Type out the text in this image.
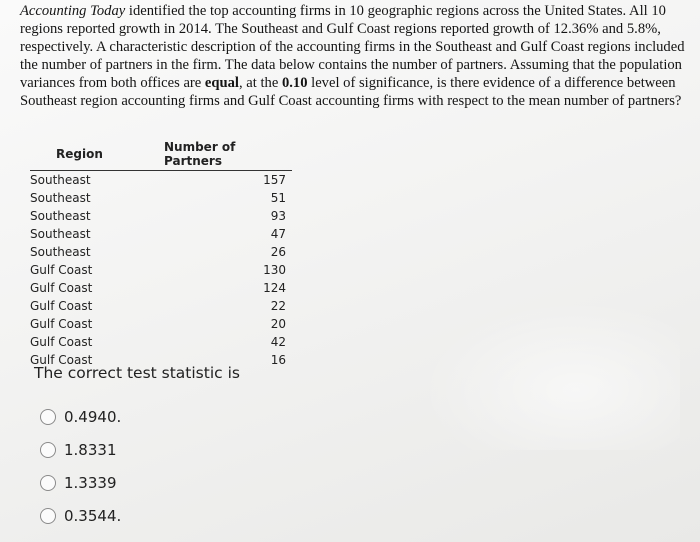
Accounting Today identified the top accounting firms in 10 geographic regions across the United States. All 10 regions reported growth in 2014. The Southeast and Gulf Coast regions reported growth of 12.36% and 5.8%, respectively. A characteristic description of the accounting firms in the Southeast and Gulf Coast regions included the number of partners in the firm. The data below contains the number of partners. Assuming that the population variances from both offices are equal, at the 0.10 level of significance, is there evidence of a difference between Southeast region accounting firms and Gulf Coast accounting firms with respect to the mean number of partners?

Region	Number of Partners
Southeast	157
Southeast	51
Southeast	93
Southeast	47
Southeast	26
Gulf Coast	130
Gulf Coast	124
Gulf Coast	22
Gulf Coast	20
Gulf Coast	42
Gulf Coast	16

The correct test statistic is

0.4940.
1.8331
1.3339
0.3544.
